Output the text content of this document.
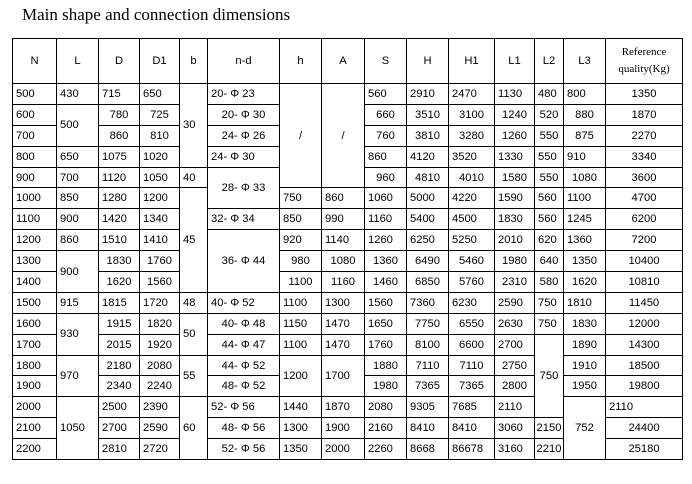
Main shape and connection dimensions
N	L	D	D1	b	n-d	h	A	S	H	H1	L1	L2	L3	Reference
quality(Kg)	
500	430	715	650	30	20- Φ 23	/	/	560	2910	2470	1130	480	800	1350	
600	500	780	725		20- Φ 30			660	3510	3100	1240	520	880	1870	
700		860	810		24- Φ 26			760	3810	3280	1260	550	875	2270	
800	650	1075	1020		24- Φ 30			860	4120	3520	1330	550	910	3340	
900	700	1120	1050	40	28- Φ 33			960	4810	4010	1580	550	1080	3600	
1000	850	1280	1200	45		750	860	1060	5000	4220	1590	560	1100	4700	
1100	900	1420	1340		32- Φ 34	850	990	1160	5400	4500	1830	560	1245	6200	
1200	860	1510	1410		36- Φ 44	920	1140	1260	6250	5250	2010	620	1360	7200	
1300	900	1830	1760			980	1080	1360	6490	5460	1980	640	1350	10400	
1400		1620	1560			1100	1160	1460	6850	5760	2310	580	1620	10810	
1500	915	1815	1720	48	40- Φ 52	1100	1300	1560	7360	6230	2590	750	1810	11450	
1600	930	1915	1820	50	40- Φ 48	1150	1470	1650	7750	6550	2630	750	1830	12000	
1700		2015	1920		44- Φ 47	1100	1470	1760	8100	6600	2700	750	1890	14300	
1800	970	2180	2080	55	44- Φ 52	1200	1700	1880	7110	7110	2750		1910	18500	
1900		2340	2240		48- Φ 52			1980	7365	7365	2800		1950	19800	
2000	1050	2500	2390	60	52- Φ 56	1440	1870	2080	9305	7685	2110		752	2110	
2100		2700	2590		48- Φ 56	1300	1900	2160	8410	8410	3060	2150		24400	
2200		2810	2720		52- Φ 56	1350	2000	2260	8668	86678	3160	2210		25180	
